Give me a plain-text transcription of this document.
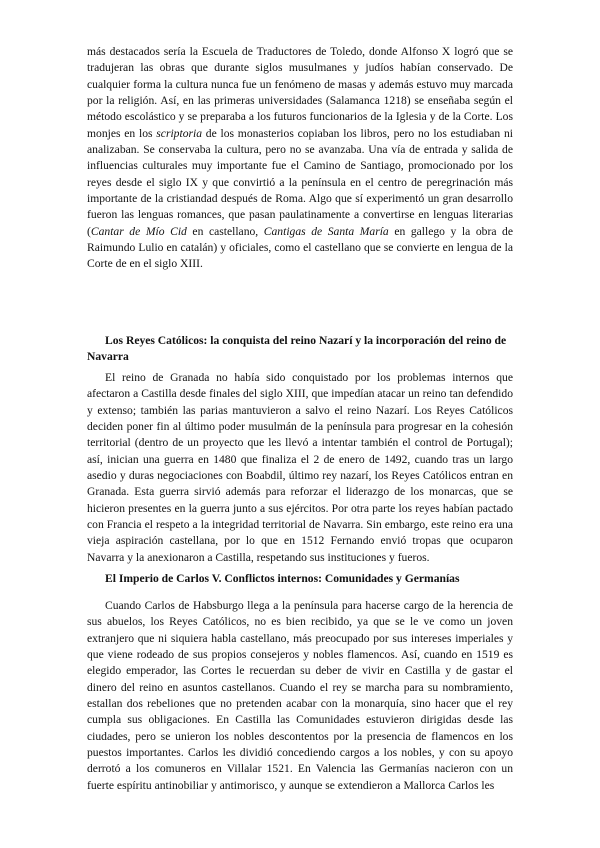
más destacados sería la Escuela de Traductores de Toledo, donde Alfonso X logró que se tradujeran las obras que durante siglos musulmanes y judíos habían conservado. De cualquier forma la cultura nunca fue un fenómeno de masas y además estuvo muy marcada por la religión. Así, en las primeras universidades (Salamanca 1218) se enseñaba según el método escolástico y se preparaba a los futuros funcionarios de la Iglesia y de la Corte. Los monjes en los scriptoria de los monasterios copiaban los libros, pero no los estudiaban ni analizaban. Se conservaba la cultura, pero no se avanzaba. Una vía de entrada y salida de influencias culturales muy importante fue el Camino de Santiago, promocionado por los reyes desde el siglo IX y que convirtió a la península en el centro de peregrinación más importante de la cristiandad después de Roma. Algo que sí experimentó un gran desarrollo fueron las lenguas romances, que pasan paulatinamente a convertirse en lenguas literarias (Cantar de Mío Cid en castellano, Cantigas de Santa María en gallego y la obra de Raimundo Lulio en catalán) y oficiales, como el castellano que se convierte en lengua de la Corte de en el siglo XIII.

Los Reyes Católicos: la conquista del reino Nazarí y la incorporación del reino de Navarra

El reino de Granada no había sido conquistado por los problemas internos que afectaron a Castilla desde finales del siglo XIII, que impedían atacar un reino tan defendido y extenso; también las parias mantuvieron a salvo el reino Nazarí. Los Reyes Católicos deciden poner fin al último poder musulmán de la península para progresar en la cohesión territorial (dentro de un proyecto que les llevó a intentar también el control de Portugal); así, inician una guerra en 1480 que finaliza el 2 de enero de 1492, cuando tras un largo asedio y duras negociaciones con Boabdil, último rey nazarí, los Reyes Católicos entran en Granada. Esta guerra sirvió además para reforzar el liderazgo de los monarcas, que se hicieron presentes en la guerra junto a sus ejércitos. Por otra parte los reyes habían pactado con Francia el respeto a la integridad territorial de Navarra. Sin embargo, este reino era una vieja aspiración castellana, por lo que en 1512 Fernando envió tropas que ocuparon Navarra y la anexionaron a Castilla, respetando sus instituciones y fueros.

El Imperio de Carlos V. Conflictos internos: Comunidades y Germanías

Cuando Carlos de Habsburgo llega a la península para hacerse cargo de la herencia de sus abuelos, los Reyes Católicos, no es bien recibido, ya que se le ve como un joven extranjero que ni siquiera habla castellano, más preocupado por sus intereses imperiales y que viene rodeado de sus propios consejeros y nobles flamencos. Así, cuando en 1519 es elegido emperador, las Cortes le recuerdan su deber de vivir en Castilla y de gastar el dinero del reino en asuntos castellanos. Cuando el rey se marcha para su nombramiento, estallan dos rebeliones que no pretenden acabar con la monarquía, sino hacer que el rey cumpla sus obligaciones. En Castilla las Comunidades estuvieron dirigidas desde las ciudades, pero se unieron los nobles descontentos por la presencia de flamencos en los puestos importantes. Carlos les dividió concediendo cargos a los nobles, y con su apoyo derrotó a los comuneros en Villalar 1521. En Valencia las Germanías nacieron con un fuerte espíritu antinobiliar y antimorisco, y aunque se extendieron a Mallorca Carlos les
